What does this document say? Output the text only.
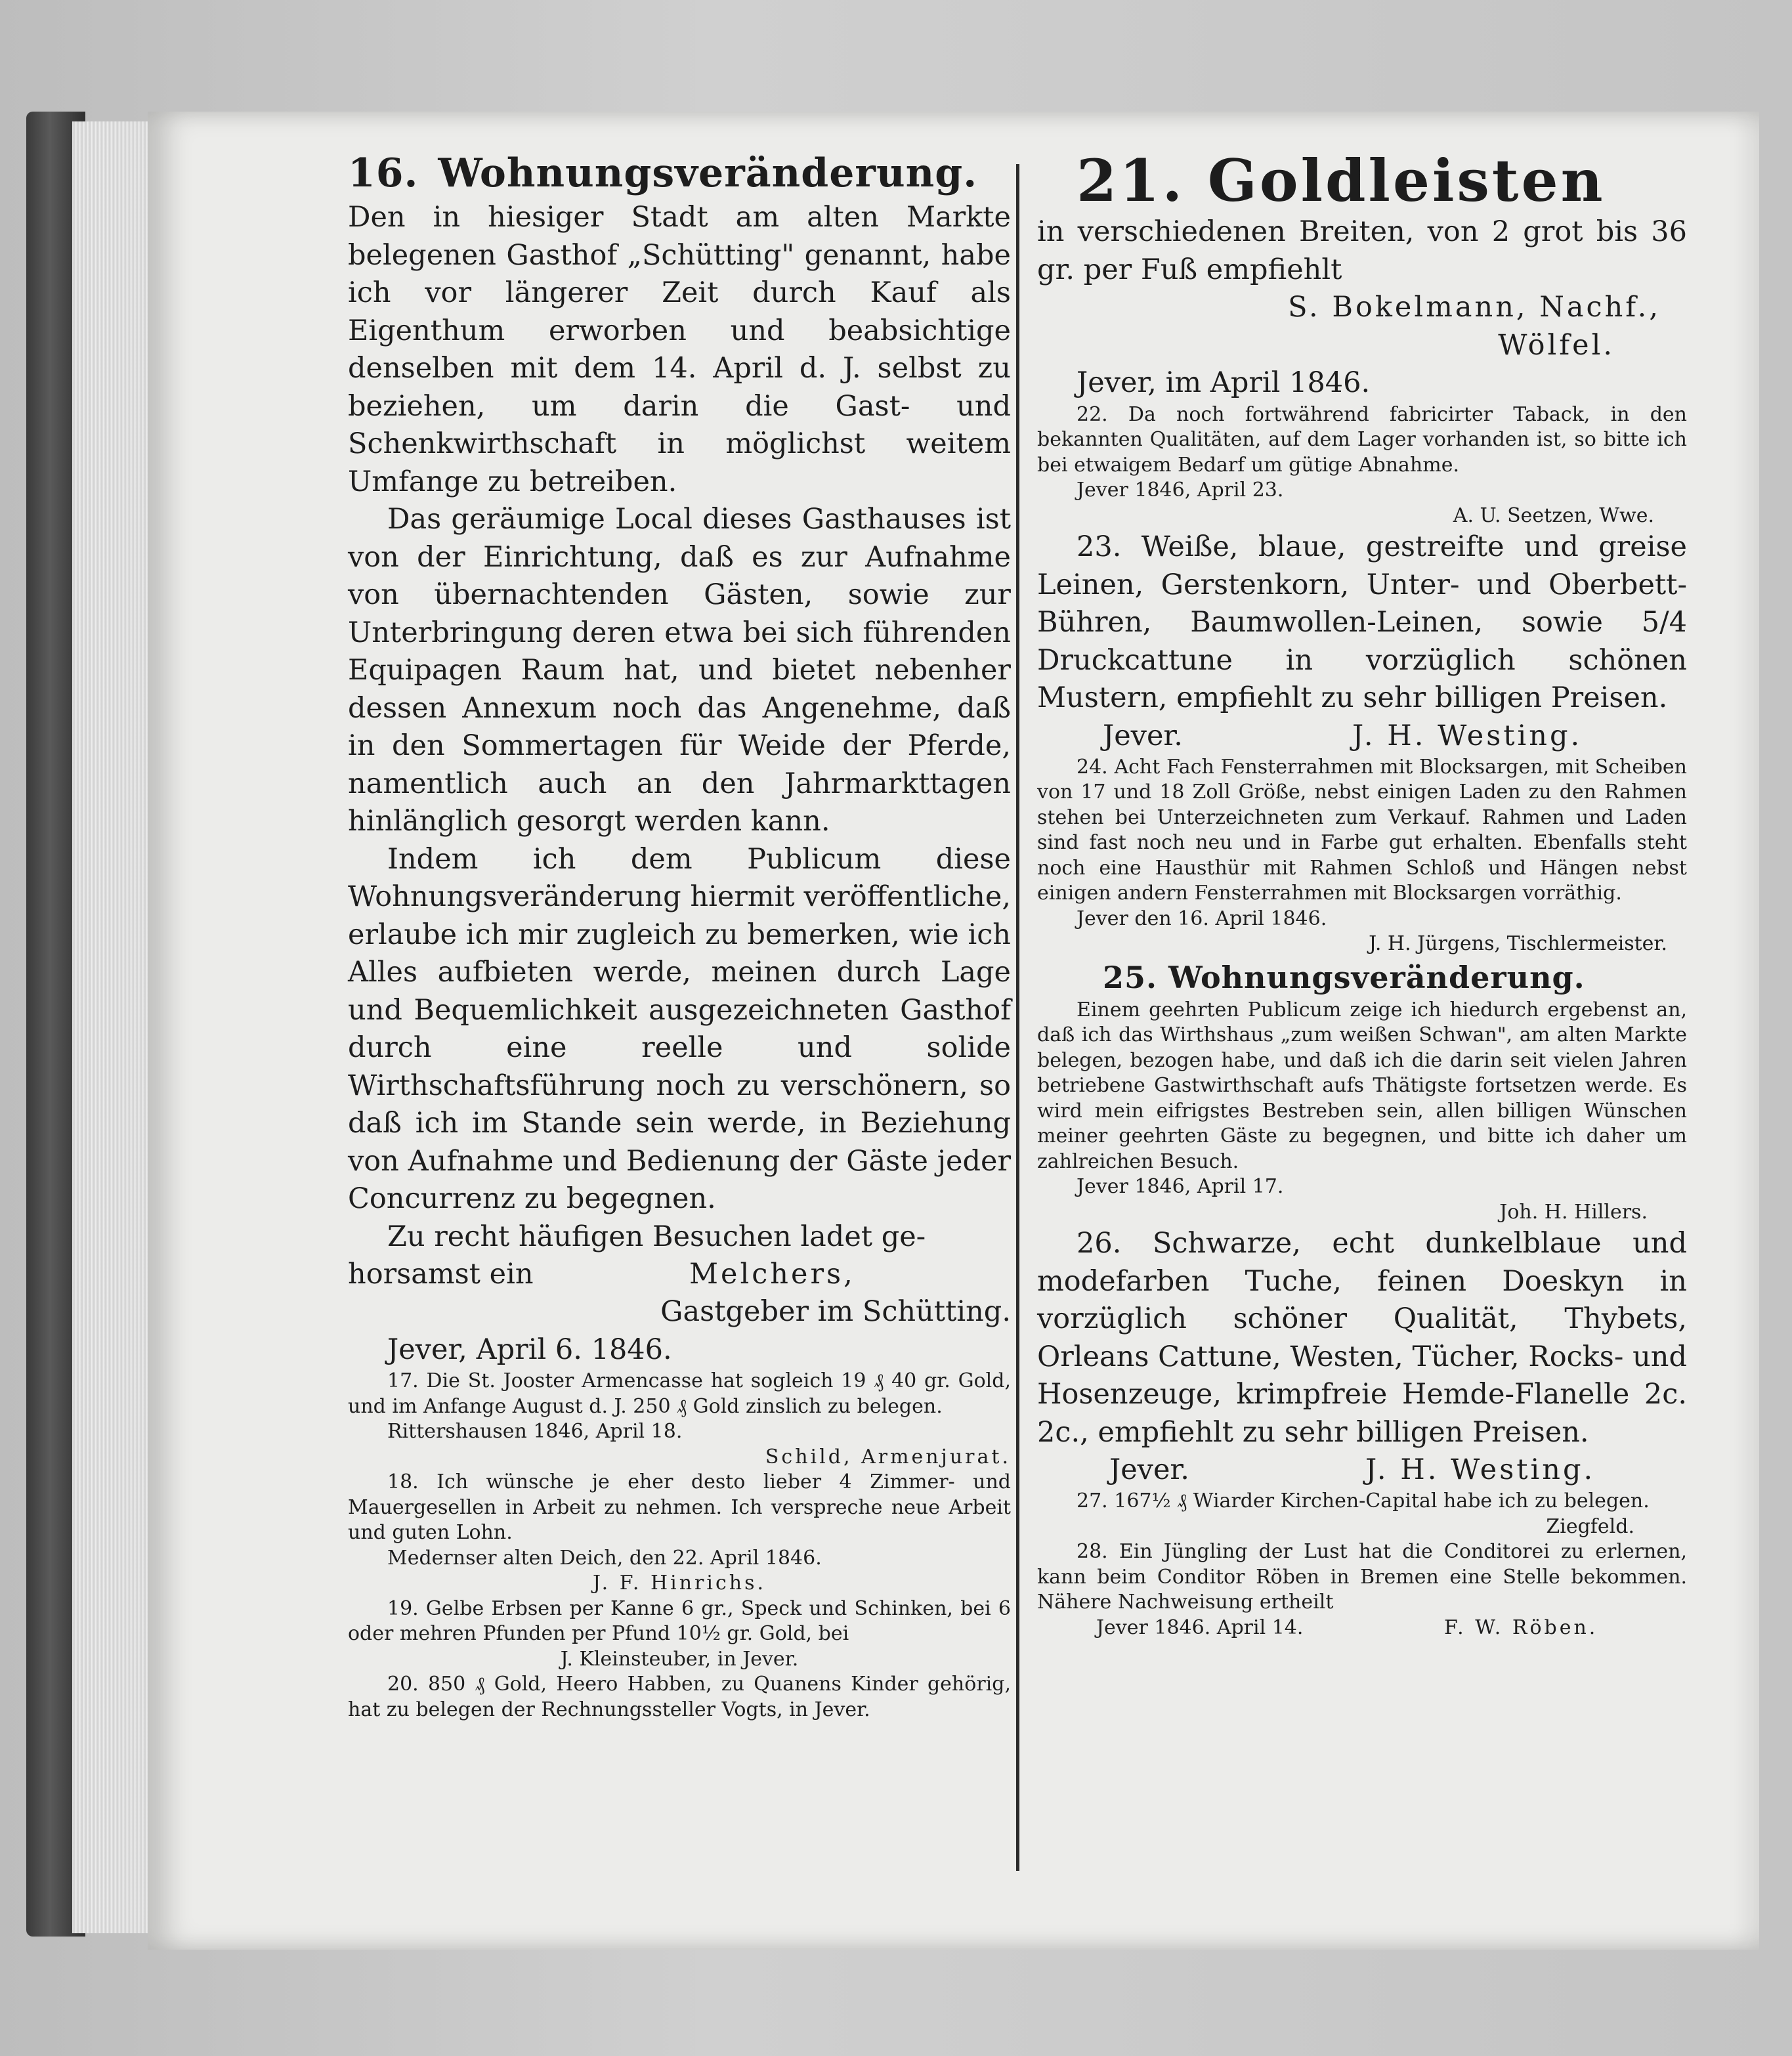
16. Wohnungsveränderung.

Den in hiesiger Stadt am alten Markte belegenen Gasthof „Schütting" genannt, habe ich vor längerer Zeit durch Kauf als Eigenthum erworben und beabsichtige denselben mit dem 14. April d. J. selbst zu beziehen, um darin die Gast- und Schenkwirthschaft in möglichst weitem Umfange zu betreiben.

Das geräumige Local dieses Gasthauses ist von der Einrichtung, daß es zur Aufnahme von übernachtenden Gästen, sowie zur Unterbringung deren etwa bei sich führenden Equipagen Raum hat, und bietet nebenher dessen Annexum noch das Angenehme, daß in den Sommertagen für Weide der Pferde, namentlich auch an den Jahrmarkttagen hinlänglich gesorgt werden kann.

Indem ich dem Publicum diese Wohnungsveränderung hiermit veröffentliche, erlaube ich mir zugleich zu bemerken, wie ich Alles aufbieten werde, meinen durch Lage und Bequemlichkeit ausgezeichneten Gasthof durch eine reelle und solide Wirthschaftsführung noch zu verschönern, so daß ich im Stande sein werde, in Beziehung von Aufnahme und Bedienung der Gäste jeder Concurrenz zu begegnen.

Zu recht häufigen Besuchen ladet ge-

horsamst ein	Melchers,

Gastgeber im Schütting.

Jever, April 6. 1846.

17. Die St. Jooster Armencasse hat sogleich 19 ₰ 40 gr. Gold, und im Anfange August d. J. 250 ₰ Gold zinslich zu belegen.

Rittershausen 1846, April 18.

Schild, Armenjurat.

18. Ich wünsche je eher desto lieber 4 Zimmer- und Mauergesellen in Arbeit zu nehmen. Ich verspreche neue Arbeit und guten Lohn.

Medernser alten Deich, den 22. April 1846.

J. F. Hinrichs.

19. Gelbe Erbsen per Kanne 6 gr., Speck und Schinken, bei 6 oder mehren Pfunden per Pfund 10½ gr. Gold, bei

J. Kleinsteuber, in Jever.

20. 850 ₰ Gold, Heero Habben, zu Quanens Kinder gehörig, hat zu belegen der Rechnungssteller Vogts, in Jever.

21. Goldleisten

in verschiedenen Breiten, von 2 grot bis 36 gr. per Fuß empfiehlt

S. Bokelmann, Nachf.,

Wölfel.

Jever, im April 1846.

22. Da noch fortwährend fabricirter Taback, in den bekannten Qualitäten, auf dem Lager vorhanden ist, so bitte ich bei etwaigem Bedarf um gütige Abnahme.

Jever 1846, April 23.

A. U. Seetzen, Wwe.

23. Weiße, blaue, gestreifte und greise Leinen, Gerstenkorn, Unter- und Oberbett-Bühren, Baumwollen-Leinen, sowie 5/4 Druckcattune in vorzüglich schönen Mustern, empfiehlt zu sehr billigen Preisen.

Jever.	J. H. Westing.

24. Acht Fach Fensterrahmen mit Blocksargen, mit Scheiben von 17 und 18 Zoll Größe, nebst einigen Laden zu den Rahmen stehen bei Unterzeichneten zum Verkauf. Rahmen und Laden sind fast noch neu und in Farbe gut erhalten. Ebenfalls steht noch eine Hausthür mit Rahmen Schloß und Hängen nebst einigen andern Fensterrahmen mit Blocksargen vorräthig.

Jever den 16. April 1846.

J. H. Jürgens, Tischlermeister.

25. Wohnungsveränderung.

Einem geehrten Publicum zeige ich hiedurch ergebenst an, daß ich das Wirthshaus „zum weißen Schwan", am alten Markte belegen, bezogen habe, und daß ich die darin seit vielen Jahren betriebene Gastwirthschaft aufs Thätigste fortsetzen werde. Es wird mein eifrigstes Bestreben sein, allen billigen Wünschen meiner geehrten Gäste zu begegnen, und bitte ich daher um zahlreichen Besuch.

Jever 1846, April 17.

Joh. H. Hillers.

26. Schwarze, echt dunkelblaue und modefarben Tuche, feinen Doeskyn in vorzüglich schöner Qualität, Thybets, Orleans Cattune, Westen, Tücher, Rocks- und Hosenzeuge, krimpfreie Hemde-Flanelle 2c. 2c., empfiehlt zu sehr billigen Preisen.

Jever.	J. H. Westing.

27. 167½ ₰ Wiarder Kirchen-Capital habe ich zu belegen.

Ziegfeld.

28. Ein Jüngling der Lust hat die Conditorei zu erlernen, kann beim Conditor Röben in Bremen eine Stelle bekommen. Nähere Nachweisung ertheilt

Jever 1846. April 14.	F. W. Röben.
